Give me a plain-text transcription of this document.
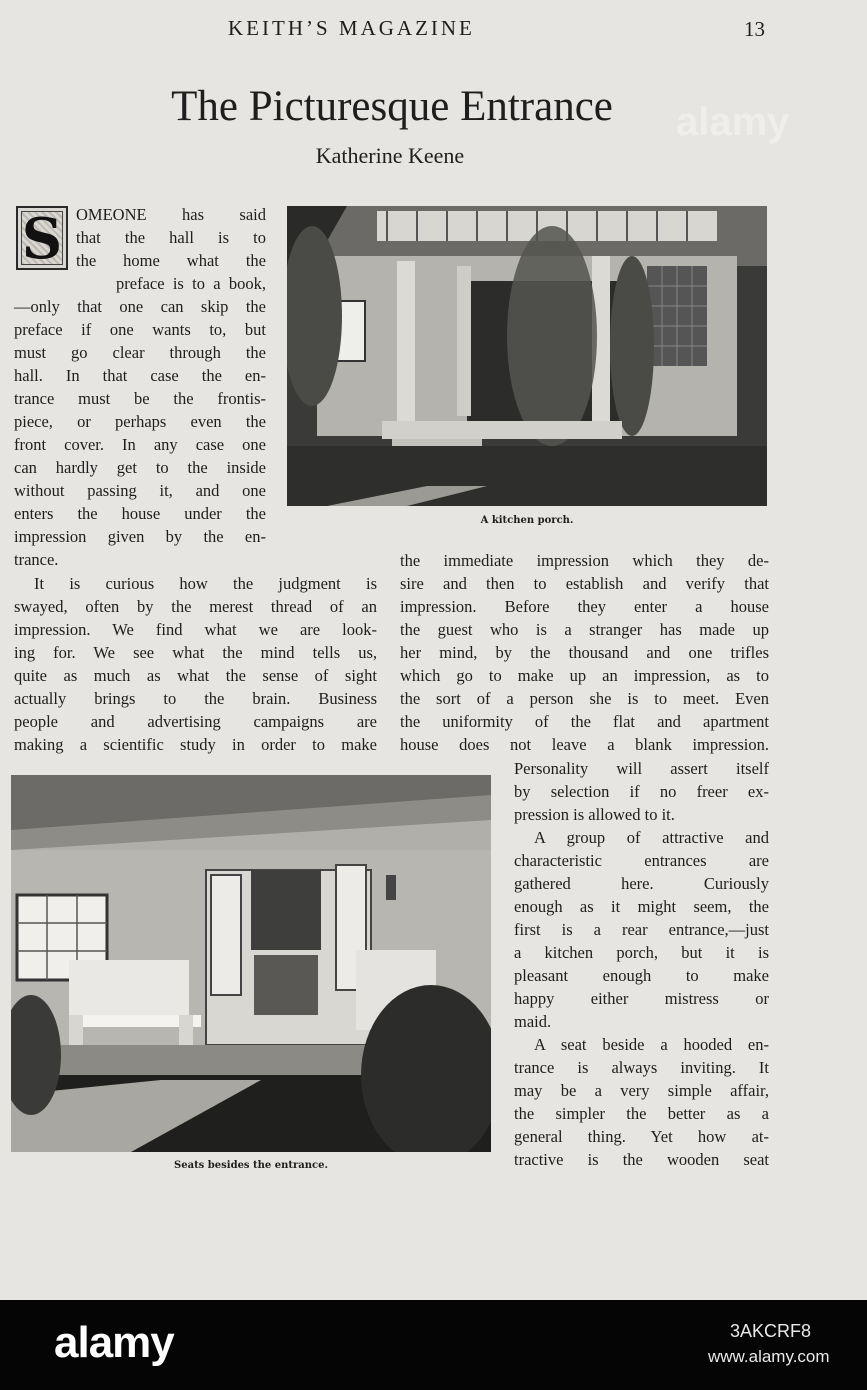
KEITH’S MAGAZINE	13
The Picturesque Entrance
Katherine Keene
S OMEONE has said
that the hall is to
the home what the
preface is to a book,
—only that one can skip the
preface if one wants to, but
must go clear through the
hall. In that case the en-
trance must be the frontis-
piece, or perhaps even the
front cover. In any case one
can hardly get to the inside
without passing it, and one
enters the house under the
impression given by the en-
trance.
It is curious how the judgment is
swayed, often by the merest thread of an
impression. We find what we are look-
ing for. We see what the mind tells us,
quite as much as what the sense of sight
actually brings to the brain. Business
people and advertising campaigns are
making a scientific study in order to make
the immediate impression which they de-
sire and then to establish and verify that
impression. Before they enter a house
the guest who is a stranger has made up
her mind, by the thousand and one trifles
which go to make up an impression, as to
the sort of a person she is to meet. Even
the uniformity of the flat and apartment
house does not leave a blank impression.
Personality will assert itself
by selection if no freer ex-
pression is allowed to it.
A group of attractive and
characteristic entrances are
gathered here. Curiously
enough as it might seem, the
first is a rear entrance,—just
a kitchen porch, but it is
pleasant enough to make
happy either mistress or
maid.
A seat beside a hooded en-
trance is always inviting. It
may be a very simple affair,
the simpler the better as a
general thing. Yet how at-
tractive is the wooden seat
A kitchen porch.
Seats besides the entrance.
alamy
alamy	3AKCRF8
www.alamy.com
